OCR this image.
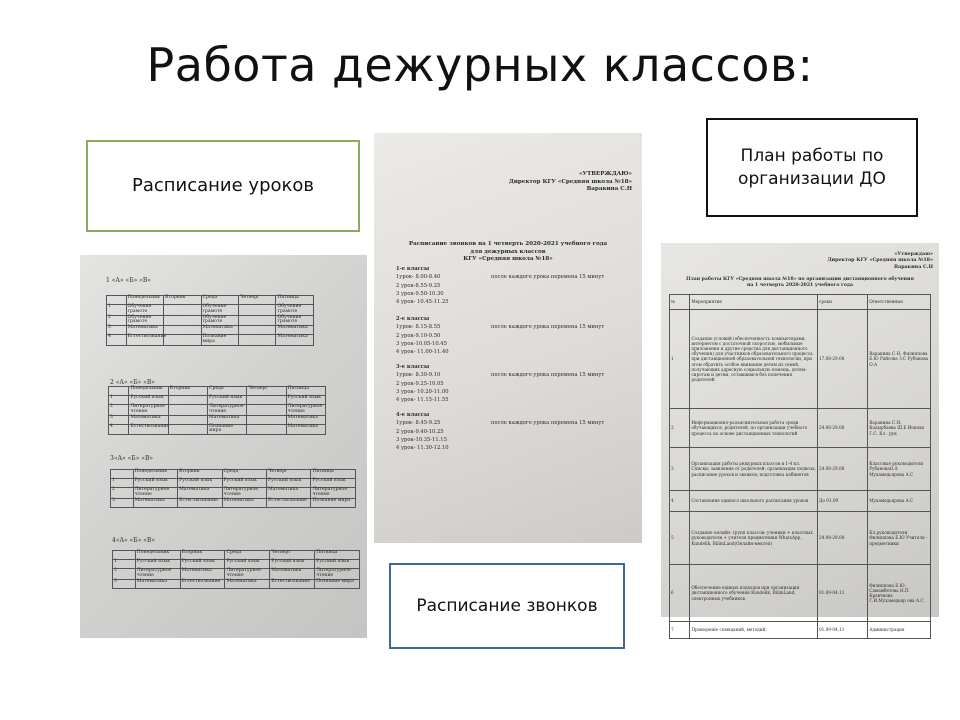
Работа дежурных классов:
Расписание уроков
Расписание звонков
План работы по организации ДО
1 «А» «Б» «В»
	Понедельник	Вторник	Среда	Четверг	Пятница
1	Обучение грамоте		Обучение грамоте		Обучение грамоте
2	Обучение грамоте		Обучение грамоте		Обучение грамоте
3	Математика		Математика		Математика
4	Естествознание		Познание мира		Математика
2 «А» «Б» «В»
	Понедельник	Вторник	Среда	Четверг	Пятница
1	Русский язык		Русский язык		Русский язык
2	Литературное чтение		Литературное чтение		Литературное чтение
3	Математика		Математика		Математика
4	Естествознание		Познание мира		Математика
3«А» «Б» «В»
	Понедельник	Вторник	Среда	Четверг	Пятница
1	Русский язык	Русский язык	Русский язык	Русский язык	Русский язык
2	Литературное чтение	Математика	Литературное чтение	Математика	Литературное чтение
3	Математика	Естествознание	Математика	Естествознание	Познание мира
4«А» «Б» «В»
	Понедельник	Вторник	Среда	Четверг	Пятница
1	Русский язык	Русский язык	Русский язык	Русский язык	Русский язык
2	Литературное чтение	Математика	Литературное чтение	Математика	Литературное чтение
3	Математика	Естествознание	Математика	Естествознание	Познание мира
«УТВЕРЖДАЮ»
Директор КГУ «Средняя школа №18»
Варакина С.Н
Расписание звонков на 1 четверть 2020-2021 учебного года
для дежурных классов
КГУ «Средняя школа №18»
1-е классы
1урок- 8.00-8.40
2 урок-8.55-9.25
3 урок-9.50-10.30
4 урок- 10.45-11.25
после каждого урока перемена 15 минут
2-е классы
1урок- 8.15-8.55
2 урок-9.10-9.50
3 урок-10.05-10.45
4 урок- 11.00-11.40
после каждого урока перемена 15 минут
3-е классы
1урок- 8.30-9.10
2 урок-9.25-10.05
3 урок- 10.20-11.00
4 урок- 11.15-11.55
после каждого урока перемена 15 минут
4-е классы
1урок- 8.45-9.25
2 урок-9.40-10.25
3 урок-10.35-11.15
4 урок- 11.30-12.10
после каждого урока перемена 15 минут
«Утверждаю»
Директор КГУ «Средняя школа №18»
Варакина С.Н
План работы КГУ «Средняя школа №18» по организации дистанционного обучения
на 1 четверть 2020-2021 учебного года
№	Мероприятия	сроки	Ответственные
1	Создание условий (обеспеченность компьютерами, интернетом с достаточной скоростью, мобильные приложения и другие средства для дистанционного обучения) для участников образовательного процесса при дистанционной образовательной технологии, при этом обратить особое внимание детям из семей, получающих адресную социальную помощь, детям-сиротам и детям, оставшимся без попечения родителей	17.08-29.08	Варакина С.Н. Филиппова Е.Ю Райсова З.С Рубанова О.А
2	Информационно-разъяснительная работа среди обучающихся, родителей, по организации учебного процесса на основе дистанционных технологий	24.08-29.08	Варакина С.Н. Кадырбаева Ш.Е Ионова Г.С. Кл . рук
3	Организация работы дежурных классов в 1-4 кл. Списки; заявления от родителей; организация подвоза; расписание уроков и звонков; подготовка кабинетов	24.08-29.08	Классные руководители РубановаО.А Мухамедьярова А.С
4	Составление единого школьного расписания уроков	До 01.09	Мухамедьярова А.С
5	Создание онлайн- групп классов: ученики + классных руководители + учителя предметники WhatsApp, Kundelik, BilimLand(Онлайн-мектеп)	24.08-29.08	Кл.руководители Филиппова Е.Ю Учителя - предметники
6	Обеспечение единых подходов при организации дистанционного обучения Kundelik, BilimLand, электронных учебников	01.09-04.11	Филиппова Е.Ю. Самамбетова Н.П Кравчкова Г.И.Мухамедьяр ова А.С
7	Проведение совещаний, методий,	01.09-04.11	Администрация
